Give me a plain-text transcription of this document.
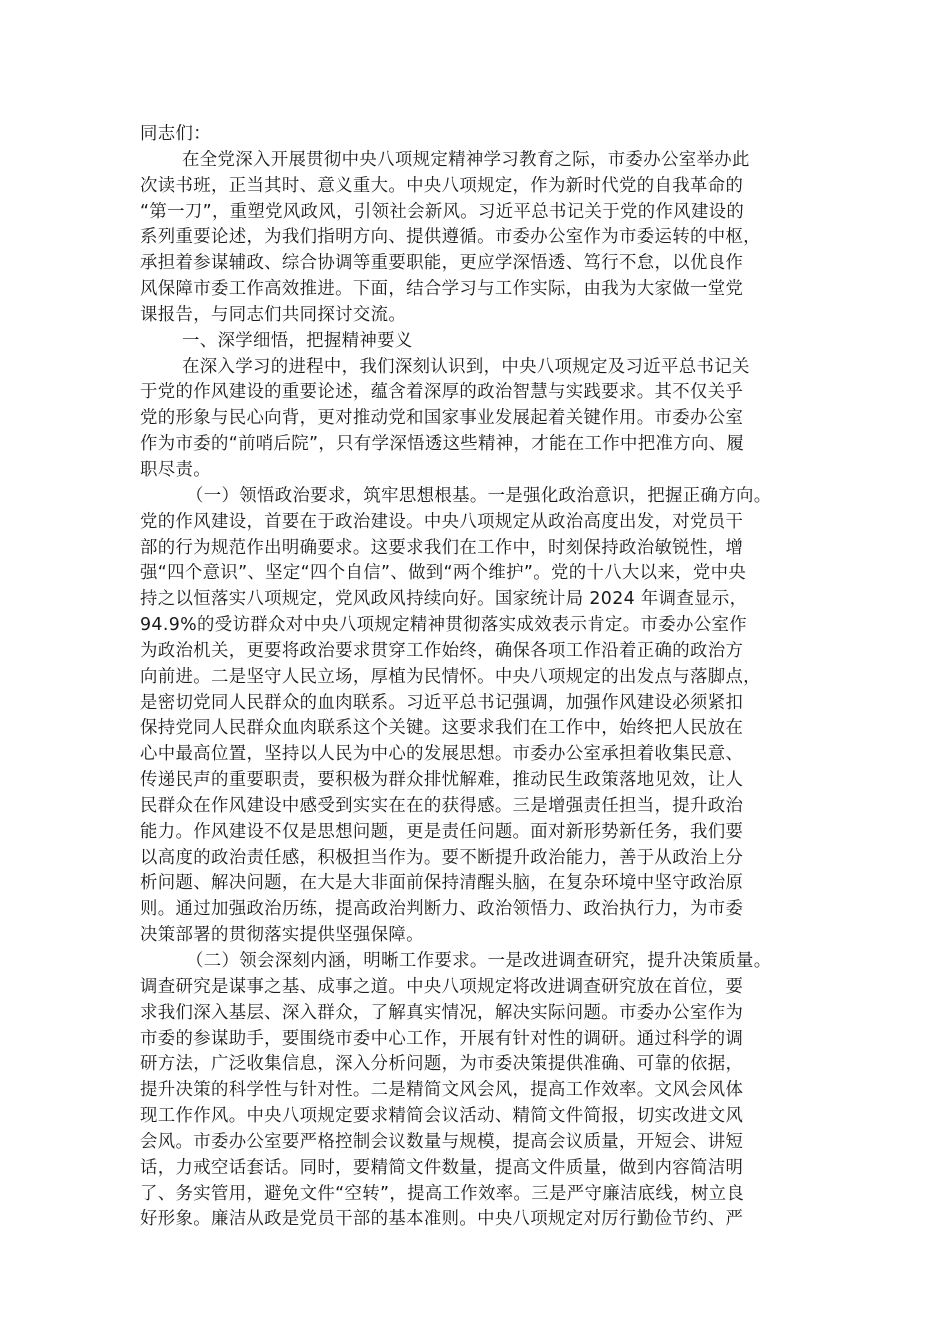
同志们：
在全党深入开展贯彻中央八项规定精神学习教育之际，市委办公室举办此
次读书班，正当其时、意义重大。中央八项规定，作为新时代党的自我革命的
“第一刀”，重塑党风政风，引领社会新风。习近平总书记关于党的作风建设的
系列重要论述，为我们指明方向、提供遵循。市委办公室作为市委运转的中枢，
承担着参谋辅政、综合协调等重要职能，更应学深悟透、笃行不怠，以优良作
风保障市委工作高效推进。下面，结合学习与工作实际，由我为大家做一堂党
课报告，与同志们共同探讨交流。
一、深学细悟，把握精神要义
在深入学习的进程中，我们深刻认识到，中央八项规定及习近平总书记关
于党的作风建设的重要论述，蕴含着深厚的政治智慧与实践要求。其不仅关乎
党的形象与民心向背，更对推动党和国家事业发展起着关键作用。市委办公室
作为市委的“前哨后院”，只有学深悟透这些精神，才能在工作中把准方向、履
职尽责。
（一）领悟政治要求，筑牢思想根基。一是强化政治意识，把握正确方向。
党的作风建设，首要在于政治建设。中央八项规定从政治高度出发，对党员干
部的行为规范作出明确要求。这要求我们在工作中，时刻保持政治敏锐性，增
强“四个意识”、坚定“四个自信”、做到“两个维护”。党的十八大以来，党中央
持之以恒落实八项规定，党风政风持续向好。国家统计局 2024 年调查显示，
94.9%的受访群众对中央八项规定精神贯彻落实成效表示肯定。市委办公室作
为政治机关，更要将政治要求贯穿工作始终，确保各项工作沿着正确的政治方
向前进。二是坚守人民立场，厚植为民情怀。中央八项规定的出发点与落脚点，
是密切党同人民群众的血肉联系。习近平总书记强调，加强作风建设必须紧扣
保持党同人民群众血肉联系这个关键。这要求我们在工作中，始终把人民放在
心中最高位置，坚持以人民为中心的发展思想。市委办公室承担着收集民意、
传递民声的重要职责，要积极为群众排忧解难，推动民生政策落地见效，让人
民群众在作风建设中感受到实实在在的获得感。三是增强责任担当，提升政治
能力。作风建设不仅是思想问题，更是责任问题。面对新形势新任务，我们要
以高度的政治责任感，积极担当作为。要不断提升政治能力，善于从政治上分
析问题、解决问题，在大是大非面前保持清醒头脑，在复杂环境中坚守政治原
则。通过加强政治历练，提高政治判断力、政治领悟力、政治执行力，为市委
决策部署的贯彻落实提供坚强保障。
（二）领会深刻内涵，明晰工作要求。一是改进调查研究，提升决策质量。
调查研究是谋事之基、成事之道。中央八项规定将改进调查研究放在首位，要
求我们深入基层、深入群众，了解真实情况，解决实际问题。市委办公室作为
市委的参谋助手，要围绕市委中心工作，开展有针对性的调研。通过科学的调
研方法，广泛收集信息，深入分析问题，为市委决策提供准确、可靠的依据，
提升决策的科学性与针对性。二是精简文风会风，提高工作效率。文风会风体
现工作作风。中央八项规定要求精简会议活动、精简文件简报，切实改进文风
会风。市委办公室要严格控制会议数量与规模，提高会议质量，开短会、讲短
话，力戒空话套话。同时，要精简文件数量，提高文件质量，做到内容简洁明
了、务实管用，避免文件“空转”，提高工作效率。三是严守廉洁底线，树立良
好形象。廉洁从政是党员干部的基本准则。中央八项规定对厉行勤俭节约、严
